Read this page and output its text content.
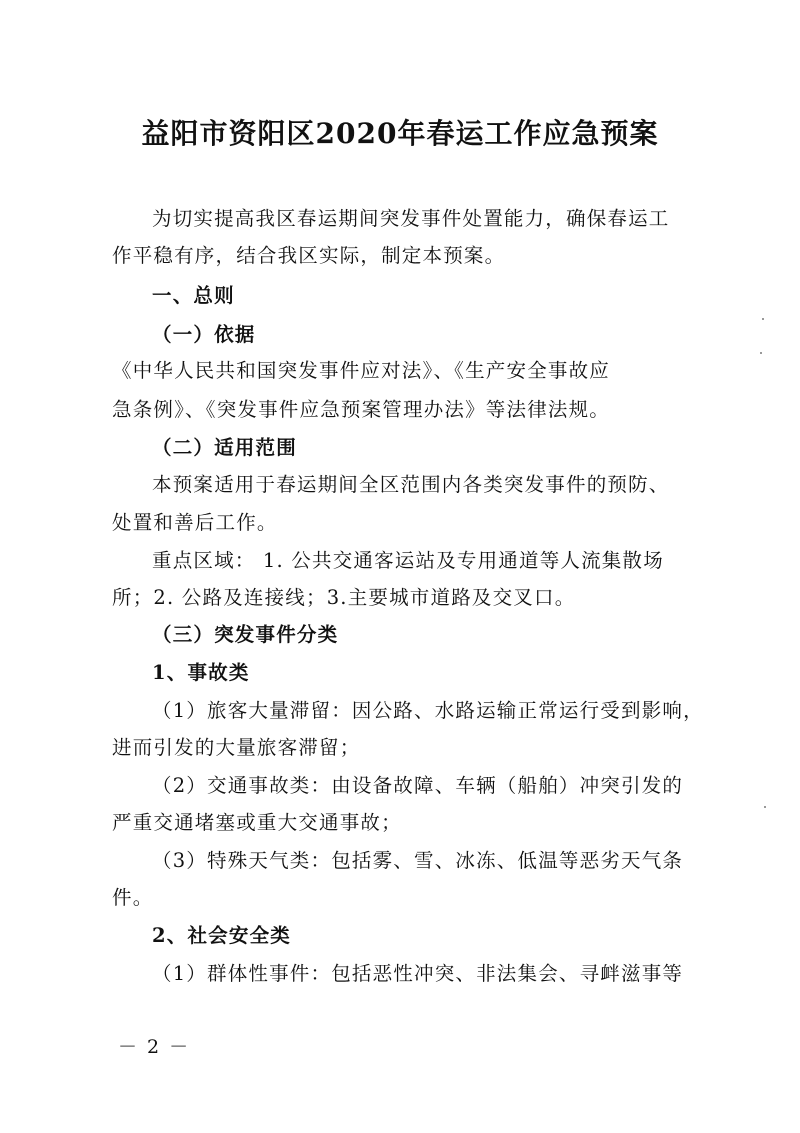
益阳市资阳区2020年春运工作应急预案
为切实提高我区春运期间突发事件处置能力，确保春运工
作平稳有序，结合我区实际，制定本预案。
一、总则
（一）依据
《中华人民共和国突发事件应对法》、《生产安全事故应
急条例》、《突发事件应急预案管理办法》等法律法规。
（二）适用范围
本预案适用于春运期间全区范围内各类突发事件的预防、
处置和善后工作。
重点区域： 1. 公共交通客运站及专用通道等人流集散场
所；2. 公路及连接线；3.主要城市道路及交叉口。
（三）突发事件分类
1、事故类
（1）旅客大量滞留：因公路、水路运输正常运行受到影响，
进而引发的大量旅客滞留；
（2）交通事故类：由设备故障、车辆（船舶）冲突引发的
严重交通堵塞或重大交通事故；
（3）特殊天气类：包括雾、雪、冰冻、低温等恶劣天气条
件。
2、社会安全类
（1）群体性事件：包括恶性冲突、非法集会、寻衅滋事等
－ 2 －
